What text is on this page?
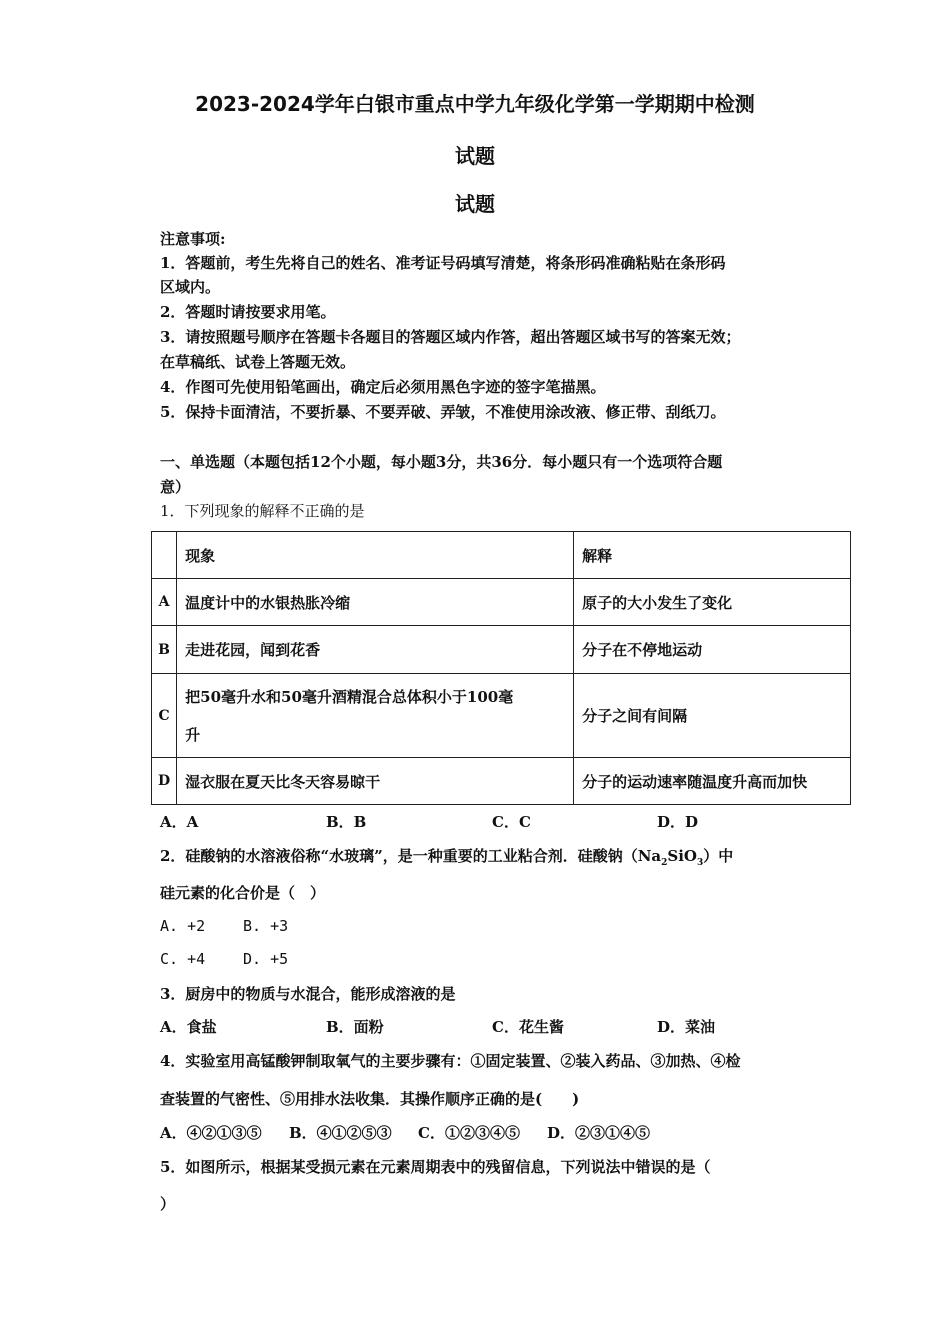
2023-2024学年白银市重点中学九年级化学第一学期期中检测
试题
试题
注意事项:
1．答题前，考生先将自己的姓名、准考证号码填写清楚，将条形码准确粘贴在条形码
区域内。
2．答题时请按要求用笔。
3．请按照题号顺序在答题卡各题目的答题区域内作答，超出答题区域书写的答案无效；
在草稿纸、试卷上答题无效。
4．作图可先使用铅笔画出，确定后必须用黑色字迹的签字笔描黑。
5．保持卡面清洁，不要折暴、不要弄破、弄皱，不准使用涂改液、修正带、刮纸刀。
一、单选题（本题包括12个小题，每小题3分，共36分．每小题只有一个选项符合题
意）
1．下列现象的解释不正确的是
	现象	解释
A	温度计中的水银热胀冷缩	原子的大小发生了变化
B	走进花园，闻到花香	分子在不停地运动
C	把50毫升水和50毫升酒精混合总体积小于100毫
升	分子之间有间隔
D	湿衣服在夏天比冬天容易晾干	分子的运动速率随温度升高而加快
A．A	B．B	C．C	D．D
2．硅酸钠的水溶液俗称“水玻璃”，是一种重要的工业粘合剂．硅酸钠$(Na_2SiO_3)$中
硅元素的化合价是（　）
A. +2	B. +3
C. +4	D. +5
3．厨房中的物质与水混合，能形成溶液的是
A．食盐	B．面粉	C．花生酱	D．菜油
4．实验室用高锰酸钾制取氧气的主要步骤有：①固定装置、②装入药品、③加热、④检
查装置的气密性、⑤用排水法收集．其操作顺序正确的是(　　)
A．④②①③⑤ B．④①②⑤③ C．①②③④⑤ D．②③①④⑤
5．如图所示，根据某受损元素在元素周期表中的残留信息，下列说法中错误的是（
）
